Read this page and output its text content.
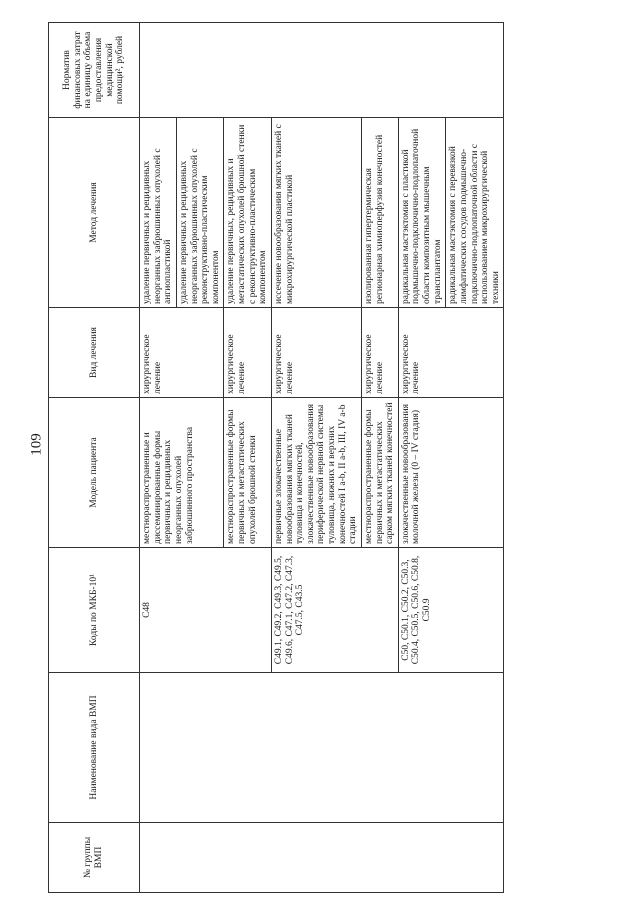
109
№ группы ВМП	Наименование вида ВМП	Коды по МКБ-10¹	Модель пациента	Вид лечения	Метод лечения	Норматив финансовых затрат на единицу объема предоставления медицинской помощи², рублей
		C48	местнораспространенные и диссеминированные формы первичных и рецидивных неорганных опухолей забрюшинного пространства	хирургическое лечение	удаление первичных и рецидивных неорганных забрюшинных опухолей с ангиопластикой	
					удаление первичных и рецидивных неорганных забрюшинных опухолей с реконструктивно-пластическим компонентом	
			местнораспространенные формы первичных и метастатических опухолей брюшной стенки	хирургическое лечение	удаление первичных, рецидивных и метастатических опухолей брюшной стенки с реконструктивно-пластическим компонентом	
		C49.1, C49.2, C49.3, C49.5, C49.6, C47.1, C47.2, C47.3, C47.5, C43.5	первичные злокачественные новообразования мягких тканей туловища и конечностей, злокачественные новообразования периферической нервной системы туловища, нижних и верхних конечностей I a-b, II a-b, III, IV a-b стадии	хирургическое лечение	иссечение новообразования мягких тканей с микрохирургической пластикой	
			местнораспространенные формы первичных и метастатических сарком мягких тканей конечностей	хирургическое лечение	изолированная гипертермическая регионарная химиоперфузия конечностей	
		C50, C50.1, C50.2, C50.3, C50.4, C50.5, C50.6, C50.8, C50.9	злокачественные новообразования молочной железы (0 – IV стадия)	хирургическое лечение	радикальная мастэктомия с пластикой подмышечно-подключично-подлопаточной области композитным мышечным трансплантатом	
					радикальная мастэктомия с перевязкой лимфатических сосудов подмышечно-подключично-подлопаточной области с использованием микрохирургической техники	
